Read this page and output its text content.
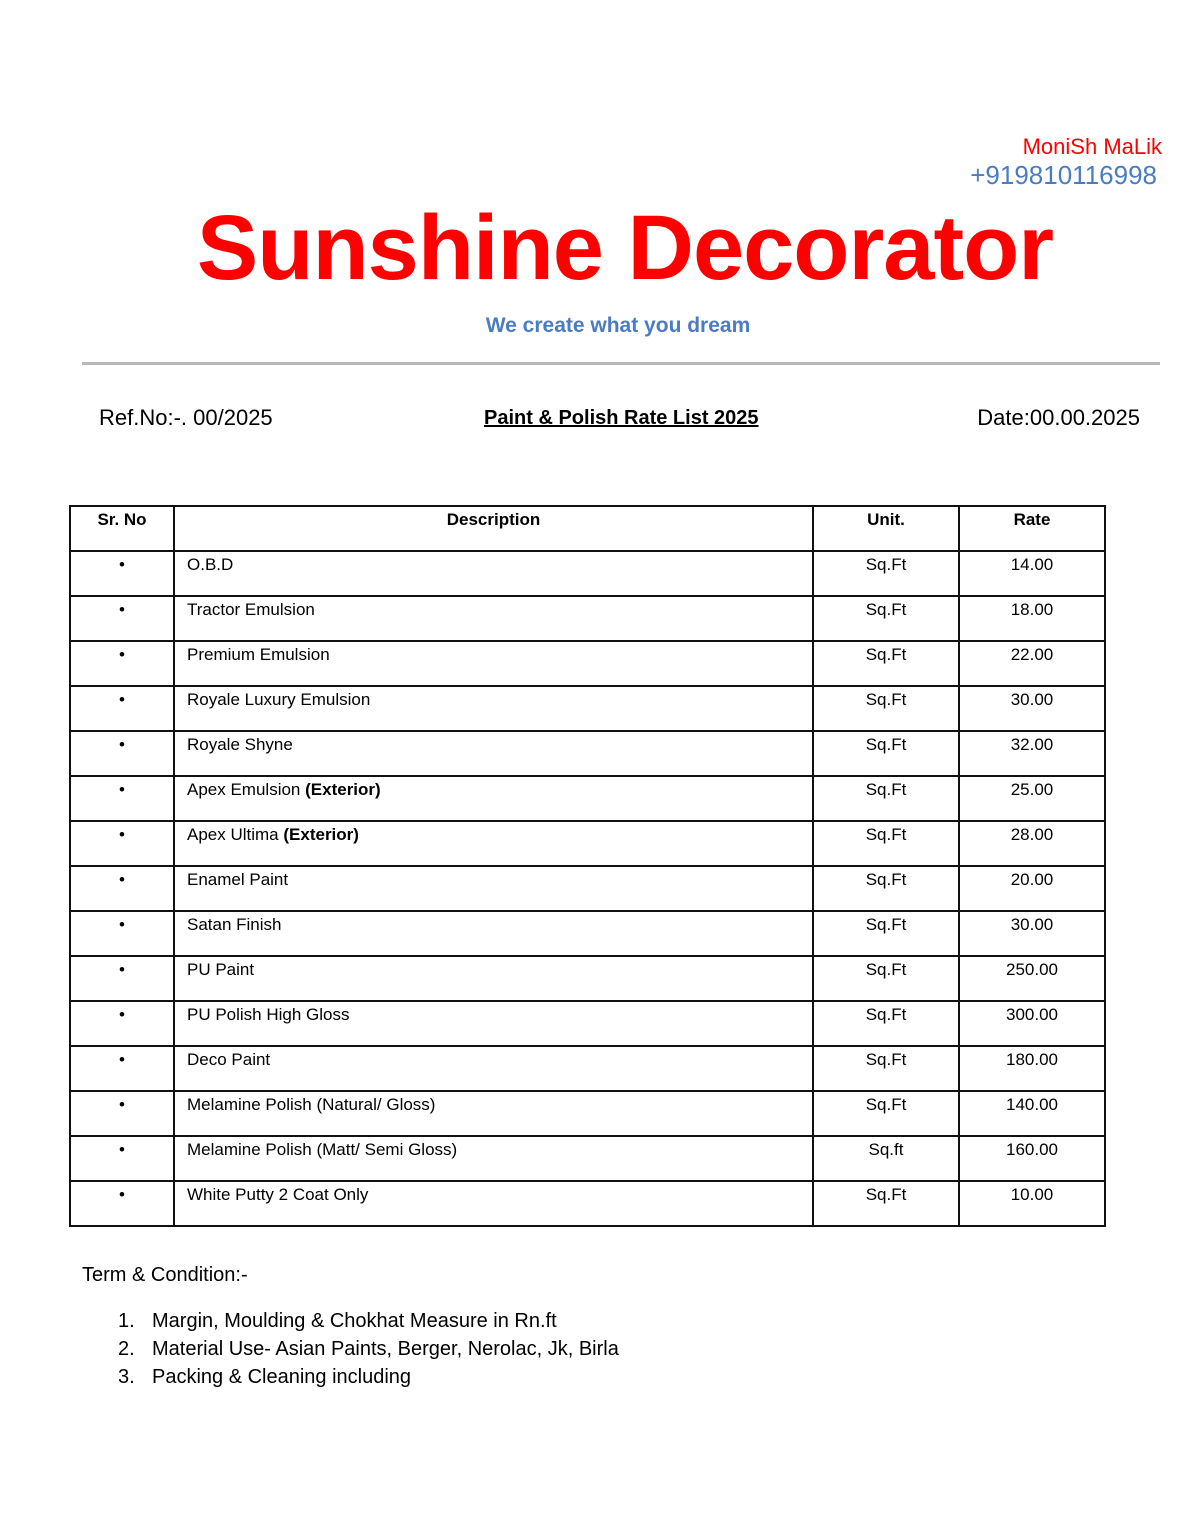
MoniSh MaLik
+919810116998
Sunshine Decorator
We create what you dream
Ref.No:-. 00/2025	Paint & Polish Rate List 2025	Date:00.00.2025
Sr. No	Description	Unit.	Rate
•	O.B.D	Sq.Ft	14.00
•	Tractor Emulsion	Sq.Ft	18.00
•	Premium Emulsion	Sq.Ft	22.00
•	Royale Luxury Emulsion	Sq.Ft	30.00
•	Royale Shyne	Sq.Ft	32.00
•	Apex Emulsion (Exterior)	Sq.Ft	25.00
•	Apex Ultima (Exterior)	Sq.Ft	28.00
•	Enamel Paint	Sq.Ft	20.00
•	Satan Finish	Sq.Ft	30.00
•	PU Paint	Sq.Ft	250.00
•	PU Polish High Gloss	Sq.Ft	300.00
•	Deco Paint	Sq.Ft	180.00
•	Melamine Polish (Natural/ Gloss)	Sq.Ft	140.00
•	Melamine Polish (Matt/ Semi Gloss)	Sq.ft	160.00
•	White Putty 2 Coat Only	Sq.Ft	10.00
Term & Condition:-
1. Margin, Moulding & Chokhat Measure in Rn.ft
2. Material Use- Asian Paints, Berger, Nerolac, Jk, Birla
3. Packing & Cleaning including
